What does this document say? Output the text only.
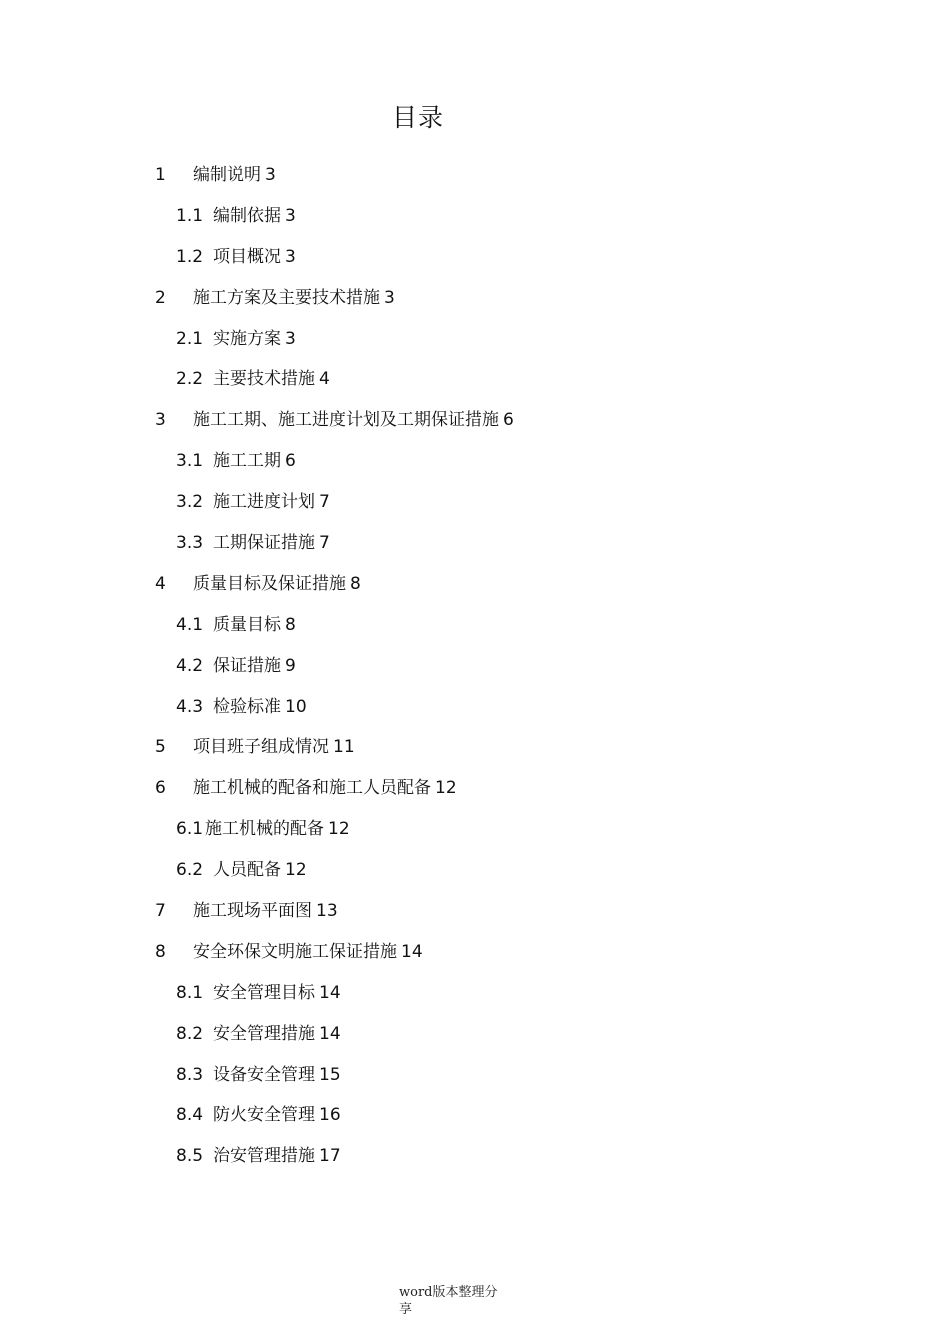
目录
1 编制说明 3
1.1 编制依据 3
1.2 项目概况 3
2 施工方案及主要技术措施 3
2.1 实施方案 3
2.2 主要技术措施 4
3 施工工期、施工进度计划及工期保证措施 6
3.1 施工工期 6
3.2 施工进度计划 7
3.3 工期保证措施 7
4 质量目标及保证措施 8
4.1 质量目标 8
4.2 保证措施 9
4.3 检验标准 10
5 项目班子组成情况 11
6 施工机械的配备和施工人员配备 12
6.1 施工机械的配备 12
6.2 人员配备 12
7 施工现场平面图 13
8 安全环保文明施工保证措施 14
8.1 安全管理目标 14
8.2 安全管理措施 14
8.3 设备安全管理 15
8.4 防火安全管理 16
8.5 治安管理措施 17
word版本整理分享
